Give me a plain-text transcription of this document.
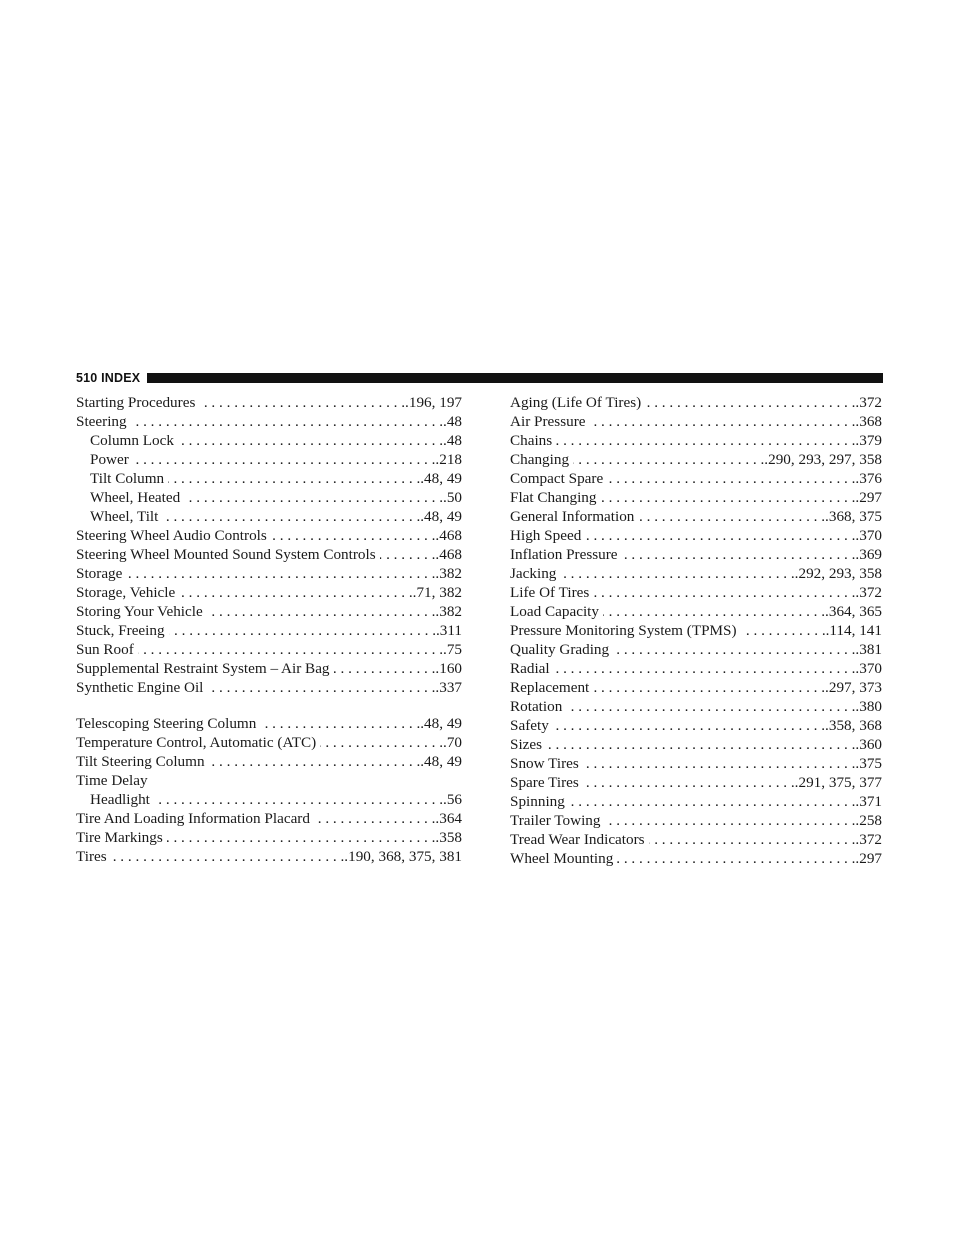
510 INDEX
Starting Procedures . . .	.196, 197
Steering . . .	.48
Column Lock . . .	.48
Power . . .	.218
Tilt Column . . .	.48, 49
Wheel, Heated . . .	.50
Wheel, Tilt . . .	.48, 49
Steering Wheel Audio Controls . . .	.468
Steering Wheel Mounted Sound System Controls . . .	.468
Storage . . .	.382
Storage, Vehicle . . .	.71, 382
Storing Your Vehicle . . .	.382
Stuck, Freeing . . .	.311
Sun Roof . . .	.75
Supplemental Restraint System – Air Bag . . .	.160
Synthetic Engine Oil . . .	.337
Telescoping Steering Column . . .	.48, 49
Temperature Control, Automatic (ATC) . . .	.70
Tilt Steering Column . . .	.48, 49
Time Delay
Headlight . . .	.56
Tire And Loading Information Placard . . .	.364
Tire Markings . . .	.358
Tires . . .	.190, 368, 375, 381
Aging (Life Of Tires) . . .	.372
Air Pressure . . .	.368
Chains . . .	.379
Changing . . .	.290, 293, 297, 358
Compact Spare . . .	.376
Flat Changing . . .	.297
General Information . . .	.368, 375
High Speed . . .	.370
Inflation Pressure . . .	.369
Jacking . . .	.292, 293, 358
Life Of Tires . . .	.372
Load Capacity . . .	.364, 365
Pressure Monitoring System (TPMS) . . .	.114, 141
Quality Grading . . .	.381
Radial . . .	.370
Replacement . . .	.297, 373
Rotation . . .	.380
Safety . . .	.358, 368
Sizes . . .	.360
Snow Tires . . .	.375
Spare Tires . . .	.291, 375, 377
Spinning . . .	.371
Trailer Towing . . .	.258
Tread Wear Indicators . . .	.372
Wheel Mounting . . .	.297
